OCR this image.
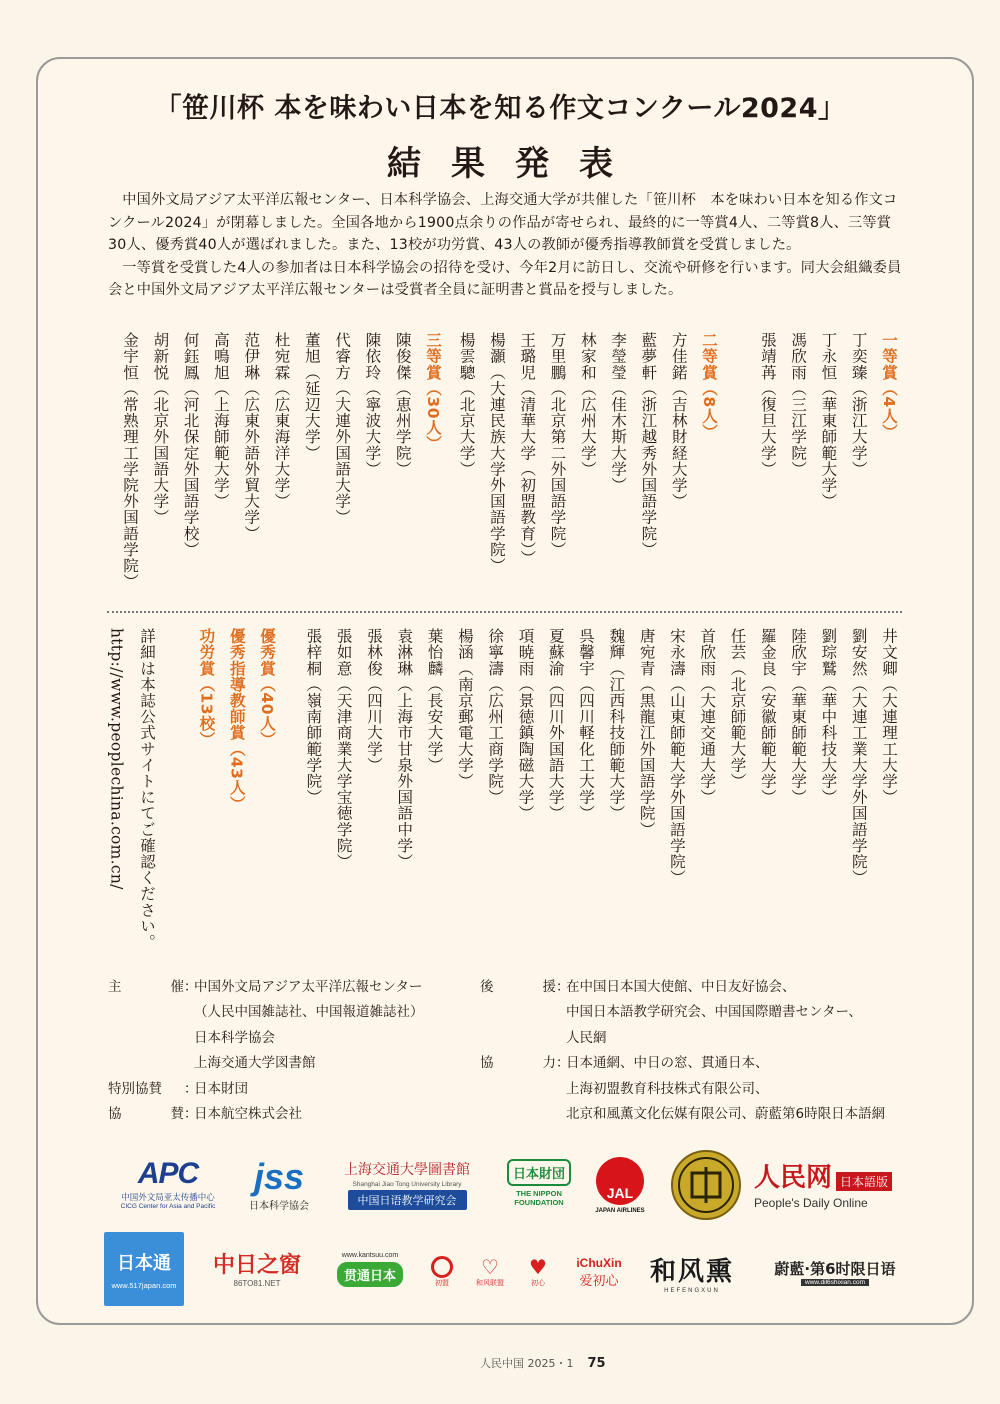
「笹川杯 本を味わい日本を知る作文コンクール2024」
結果発表

中国外文局アジア太平洋広報センター、日本科学協会、上海交通大学が共催した「笹川杯　本を味わい日本を知る作文コンクール2024」が閉幕しました。全国各地から1900点余りの作品が寄せられ、最終的に一等賞4人、二等賞8人、三等賞30人、優秀賞40人が選ばれました。また、13校が功労賞、43人の教師が優秀指導教師賞を受賞しました。

一等賞を受賞した4人の参加者は日本科学協会の招待を受け、今年2月に訪日し、交流や研修を行います。同大会組織委員会と中国外文局アジア太平洋広報センターは受賞者全員に証明書と賞品を授与しました。

一等賞（4人）
丁奕臻（浙江大学）
丁永恒（華東師範大学）
馮欣雨（三江学院）
張靖苒（復旦大学）
二等賞（8人）
方佳鍩（吉林財経大学）
藍夢軒（浙江越秀外国語学院）
李瑩瑩（佳木斯大学）
林家和（広州大学）
万里鵬（北京第二外国語学院）
王璐児（清華大学（初盟教育））
楊灝（大連民族大学外国語学院）
楊雲驄（北京大学）
三等賞（30人）
陳俊傑（恵州学院）
陳依玲（寧波大学）
代睿方（大連外国語大学）
董旭（延辺大学）
杜宛霖（広東海洋大学）
范伊琳（広東外語外貿大学）
高鳴旭（上海師範大学）
何鈺鳳（河北保定外国語学校）
胡新悦（北京外国語大学）
金宇恒（常熟理工学院外国語学院）
井文卿（大連理工大学）
劉安然（大連工業大学外国語学院）
劉琮鷲（華中科技大学）
陸欣宇（華東師範大学）
羅金良（安徽師範大学）
任芸（北京師範大学）
首欣雨（大連交通大学）
宋永濤（山東師範大学外国語学院）
唐宛青（黒龍江外国語学院）
魏輝（江西科技師範大学）
呉馨宇（四川軽化工大学）
夏蘇渝（四川外国語大学）
項暁雨（景徳鎮陶磁大学）
徐寧濤（広州工商学院）
楊涵（南京郵電大学）
葉怡麟（長安大学）
袁淋琳（上海市甘泉外国語中学）
張林俊（四川大学）
張如意（天津商業大学宝徳学院）
張梓桐（嶺南師範学院）
優秀賞（40人）
優秀指導教師賞（43人）
功労賞（13校）
詳細は本誌公式サイトにてご確認ください。
http://www.peoplechina.com.cn/
主	催 ：
中国外文局アジア太平洋広報センター
（人民中国雑誌社、中国報道雑誌社）
日本科学協会
上海交通大学図書館
特別協賛 ：
日本財団
協	賛 ：
日本航空株式会社
後	援 ：
在中国日本国大使館、中日友好協会、
中国日本語教学研究会、中国国際贈書センター、
人民網
協	力 ：
日本通網、中日の窓、貫通日本、
上海初盟教育科技株式有限公司、
北京和風薫文化伝媒有限公司、蔚藍第6時限日本語網
APC
中国外文局亚太传播中心
CICG Center for Asia and Pacific
jss
日本科学協会
上海交通大學圖書館
Shanghai Jiao Tong University Library
中国日语教学研究会
日本財団
THE NIPPON FOUNDATION
JAL
JAPAN AIRLINES
人民网 日本語版
People's Daily Online
日本通
www.517japan.com
中日之窗
86TO81.NET
www.kantsuu.com
贯通日本	初盟
♡
和风联盟
♥
初心
iChuXin
爱初心 和风熏
HEFENGXUN
蔚藍·第6时限日语
www.dil6shixian.com
人民中国 2025・1 75
